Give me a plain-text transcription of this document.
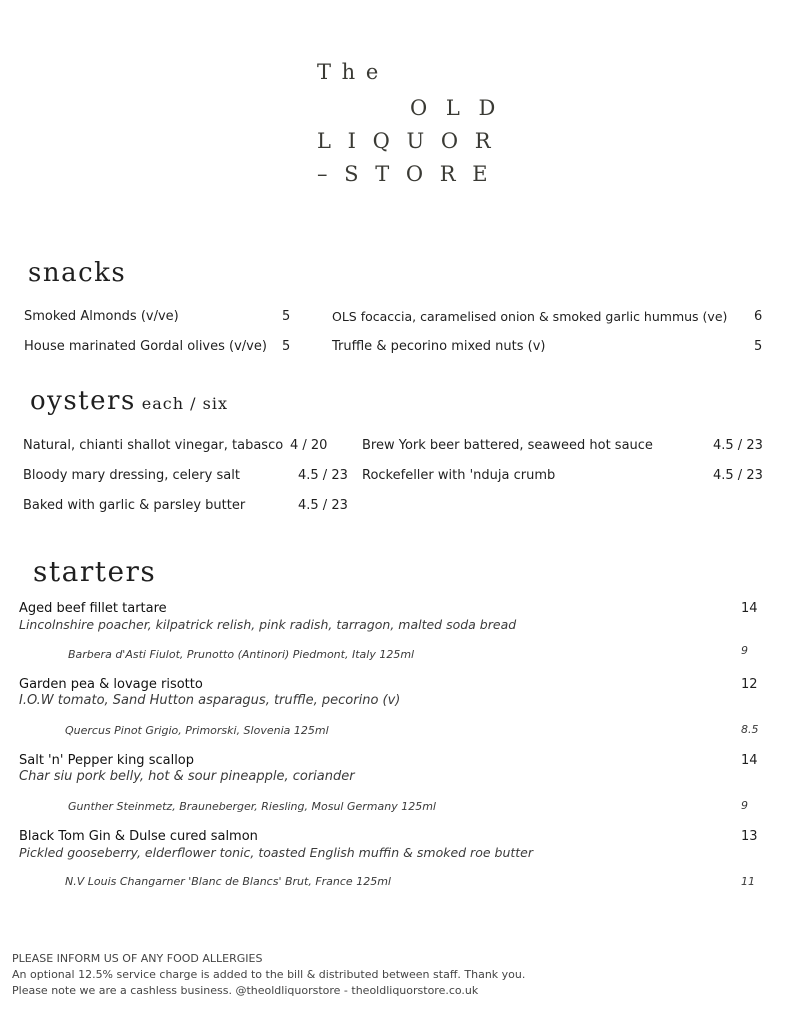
T h e
O L D
L I Q U O R
– S T O R E
snacks
Smoked Almonds (v/ve)	5
House marinated Gordal olives (v/ve) 5
OLS focaccia, caramelised onion & smoked garlic hummus (ve) 6
Truffle & pecorino mixed nuts (v)	5
oysters each / six
Natural, chianti shallot vinegar, tabasco 4 / 20
Bloody mary dressing, celery salt	4.5 / 23
Baked with garlic & parsley butter	4.5 / 23
Brew York beer battered, seaweed hot sauce	4.5 / 23
Rockefeller with 'nduja crumb	4.5 / 23
starters
Aged beef fillet tartare	14
Lincolnshire poacher, kilpatrick relish, pink radish, tarragon, malted soda bread
Barbera d'Asti Fiulot, Prunotto (Antinori) Piedmont, Italy 125ml	9
Garden pea & lovage risotto	12
I.O.W tomato, Sand Hutton asparagus, truffle, pecorino (v)
Quercus Pinot Grigio, Primorski, Slovenia 125ml	8.5
Salt 'n' Pepper king scallop	14
Char siu pork belly, hot & sour pineapple, coriander
Gunther Steinmetz, Brauneberger, Riesling, Mosul Germany 125ml	9
Black Tom Gin & Dulse cured salmon	13
Pickled gooseberry, elderflower tonic, toasted English muffin & smoked roe butter
N.V Louis Changarner 'Blanc de Blancs' Brut, France 125ml	11
PLEASE INFORM US OF ANY FOOD ALLERGIES
An optional 12.5% service charge is added to the bill & distributed between staff. Thank you.
Please note we are a cashless business. @theoldliquorstore - theoldliquorstore.co.uk
